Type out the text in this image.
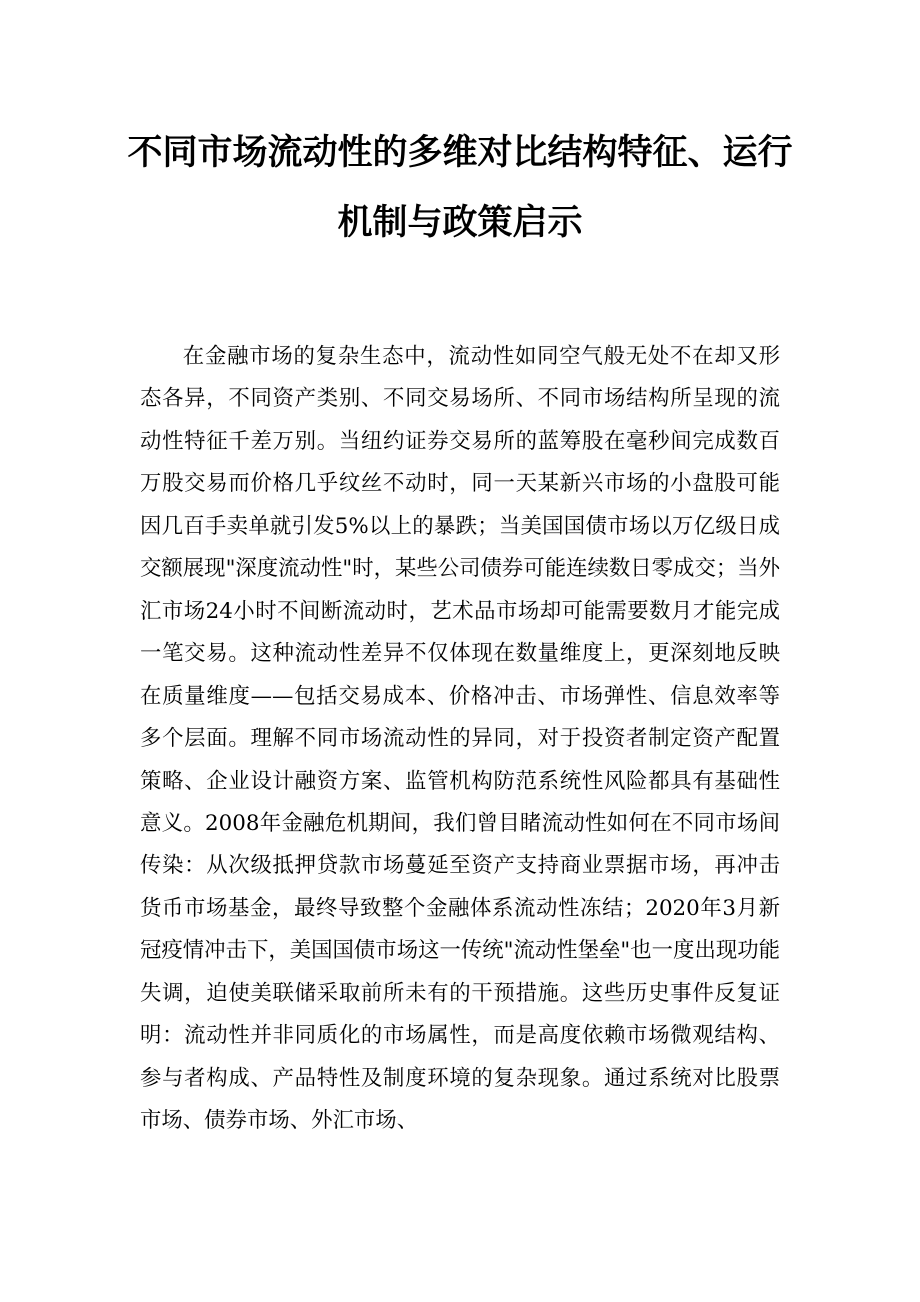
不同市场流动性的多维对比结构特征、运行机制与政策启示

在金融市场的复杂生态中，流动性如同空气般无处不在却又形态各异，不同资产类别、不同交易场所、不同市场结构所呈现的流动性特征千差万别。当纽约证券交易所的蓝筹股在毫秒间完成数百万股交易而价格几乎纹丝不动时，同一天某新兴市场的小盘股可能因几百手卖单就引发5%以上的暴跌；当美国国债市场以万亿级日成交额展现"深度流动性"时，某些公司债券可能连续数日零成交；当外汇市场24小时不间断流动时，艺术品市场却可能需要数月才能完成一笔交易。这种流动性差异不仅体现在数量维度上，更深刻地反映在质量维度——包括交易成本、价格冲击、市场弹性、信息效率等多个层面。理解不同市场流动性的异同，对于投资者制定资产配置策略、企业设计融资方案、监管机构防范系统性风险都具有基础性意义。2008年金融危机期间，我们曾目睹流动性如何在不同市场间传染：从次级抵押贷款市场蔓延至资产支持商业票据市场，再冲击货币市场基金，最终导致整个金融体系流动性冻结；2020年3月新冠疫情冲击下，美国国债市场这一传统"流动性堡垒"也一度出现功能失调，迫使美联储采取前所未有的干预措施。这些历史事件反复证明：流动性并非同质化的市场属性，而是高度依赖市场微观结构、参与者构成、产品特性及制度环境的复杂现象。通过系统对比股票市场、债券市场、外汇市场、
